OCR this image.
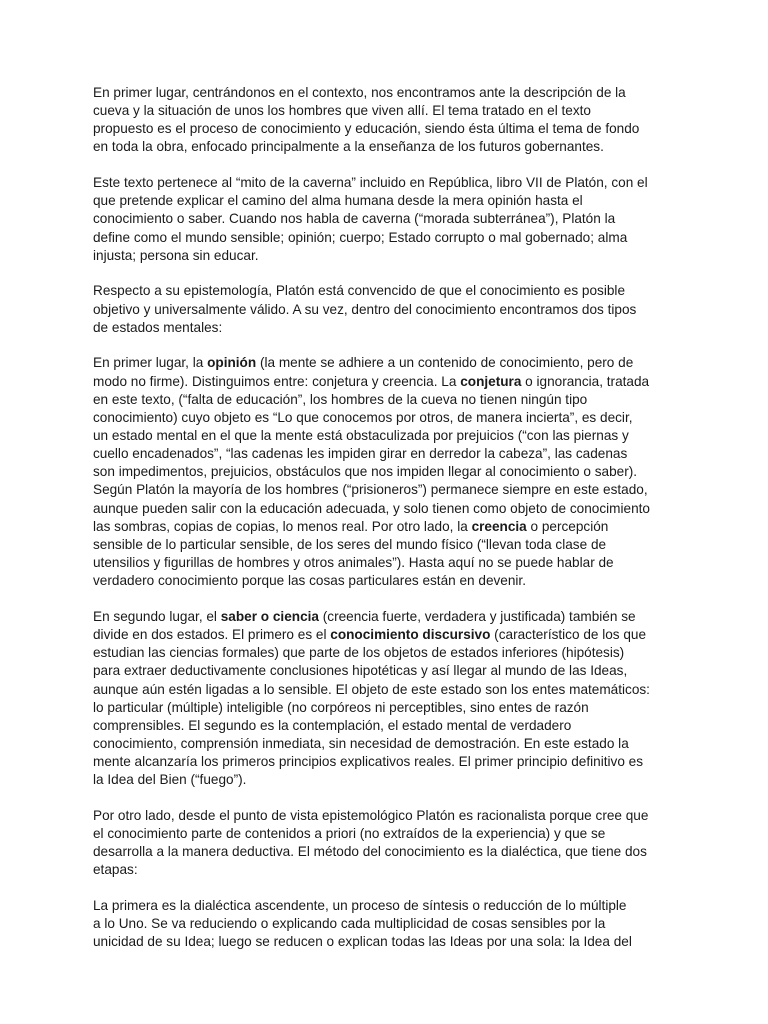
En primer lugar, centrándonos en el contexto, nos encontramos ante la descripción de la
cueva y la situación de unos los hombres que viven allí. El tema tratado en el texto
propuesto es el proceso de conocimiento y educación, siendo ésta última el tema de fondo
en toda la obra, enfocado principalmente a la enseñanza de los futuros gobernantes.

Este texto pertenece al “mito de la caverna” incluido en República, libro VII de Platón, con el
que pretende explicar el camino del alma humana desde la mera opinión hasta el
conocimiento o saber. Cuando nos habla de caverna (“morada subterránea”), Platón la
define como el mundo sensible; opinión; cuerpo; Estado corrupto o mal gobernado; alma
injusta; persona sin educar.

Respecto a su epistemología, Platón está convencido de que el conocimiento es posible
objetivo y universalmente válido. A su vez, dentro del conocimiento encontramos dos tipos
de estados mentales:

En primer lugar, la opinión (la mente se adhiere a un contenido de conocimiento, pero de
modo no firme). Distinguimos entre: conjetura y creencia. La conjetura o ignorancia, tratada
en este texto, (“falta de educación”, los hombres de la cueva no tienen ningún tipo
conocimiento) cuyo objeto es “Lo que conocemos por otros, de manera incierta”, es decir,
un estado mental en el que la mente está obstaculizada por prejuicios (“con las piernas y
cuello encadenados”, “las cadenas les impiden girar en derredor la cabeza”, las cadenas
son impedimentos, prejuicios, obstáculos que nos impiden llegar al conocimiento o saber).
Según Platón la mayoría de los hombres (“prisioneros”) permanece siempre en este estado,
aunque pueden salir con la educación adecuada, y solo tienen como objeto de conocimiento
las sombras, copias de copias, lo menos real. Por otro lado, la creencia o percepción
sensible de lo particular sensible, de los seres del mundo físico (“llevan toda clase de
utensilios y figurillas de hombres y otros animales”). Hasta aquí no se puede hablar de
verdadero conocimiento porque las cosas particulares están en devenir.

En segundo lugar, el saber o ciencia (creencia fuerte, verdadera y justificada) también se
divide en dos estados. El primero es el conocimiento discursivo (característico de los que
estudian las ciencias formales) que parte de los objetos de estados inferiores (hipótesis)
para extraer deductivamente conclusiones hipotéticas y así llegar al mundo de las Ideas,
aunque aún estén ligadas a lo sensible. El objeto de este estado son los entes matemáticos:
lo particular (múltiple) inteligible (no corpóreos ni perceptibles, sino entes de razón
comprensibles. El segundo es la contemplación, el estado mental de verdadero
conocimiento, comprensión inmediata, sin necesidad de demostración. En este estado la
mente alcanzaría los primeros principios explicativos reales. El primer principio definitivo es
la Idea del Bien (“fuego”).

Por otro lado, desde el punto de vista epistemológico Platón es racionalista porque cree que
el conocimiento parte de contenidos a priori (no extraídos de la experiencia) y que se
desarrolla a la manera deductiva. El método del conocimiento es la dialéctica, que tiene dos
etapas:

La primera es la dialéctica ascendente, un proceso de síntesis o reducción de lo múltiple
a lo Uno. Se va reduciendo o explicando cada multiplicidad de cosas sensibles por la
unicidad de su Idea; luego se reducen o explican todas las Ideas por una sola: la Idea del
